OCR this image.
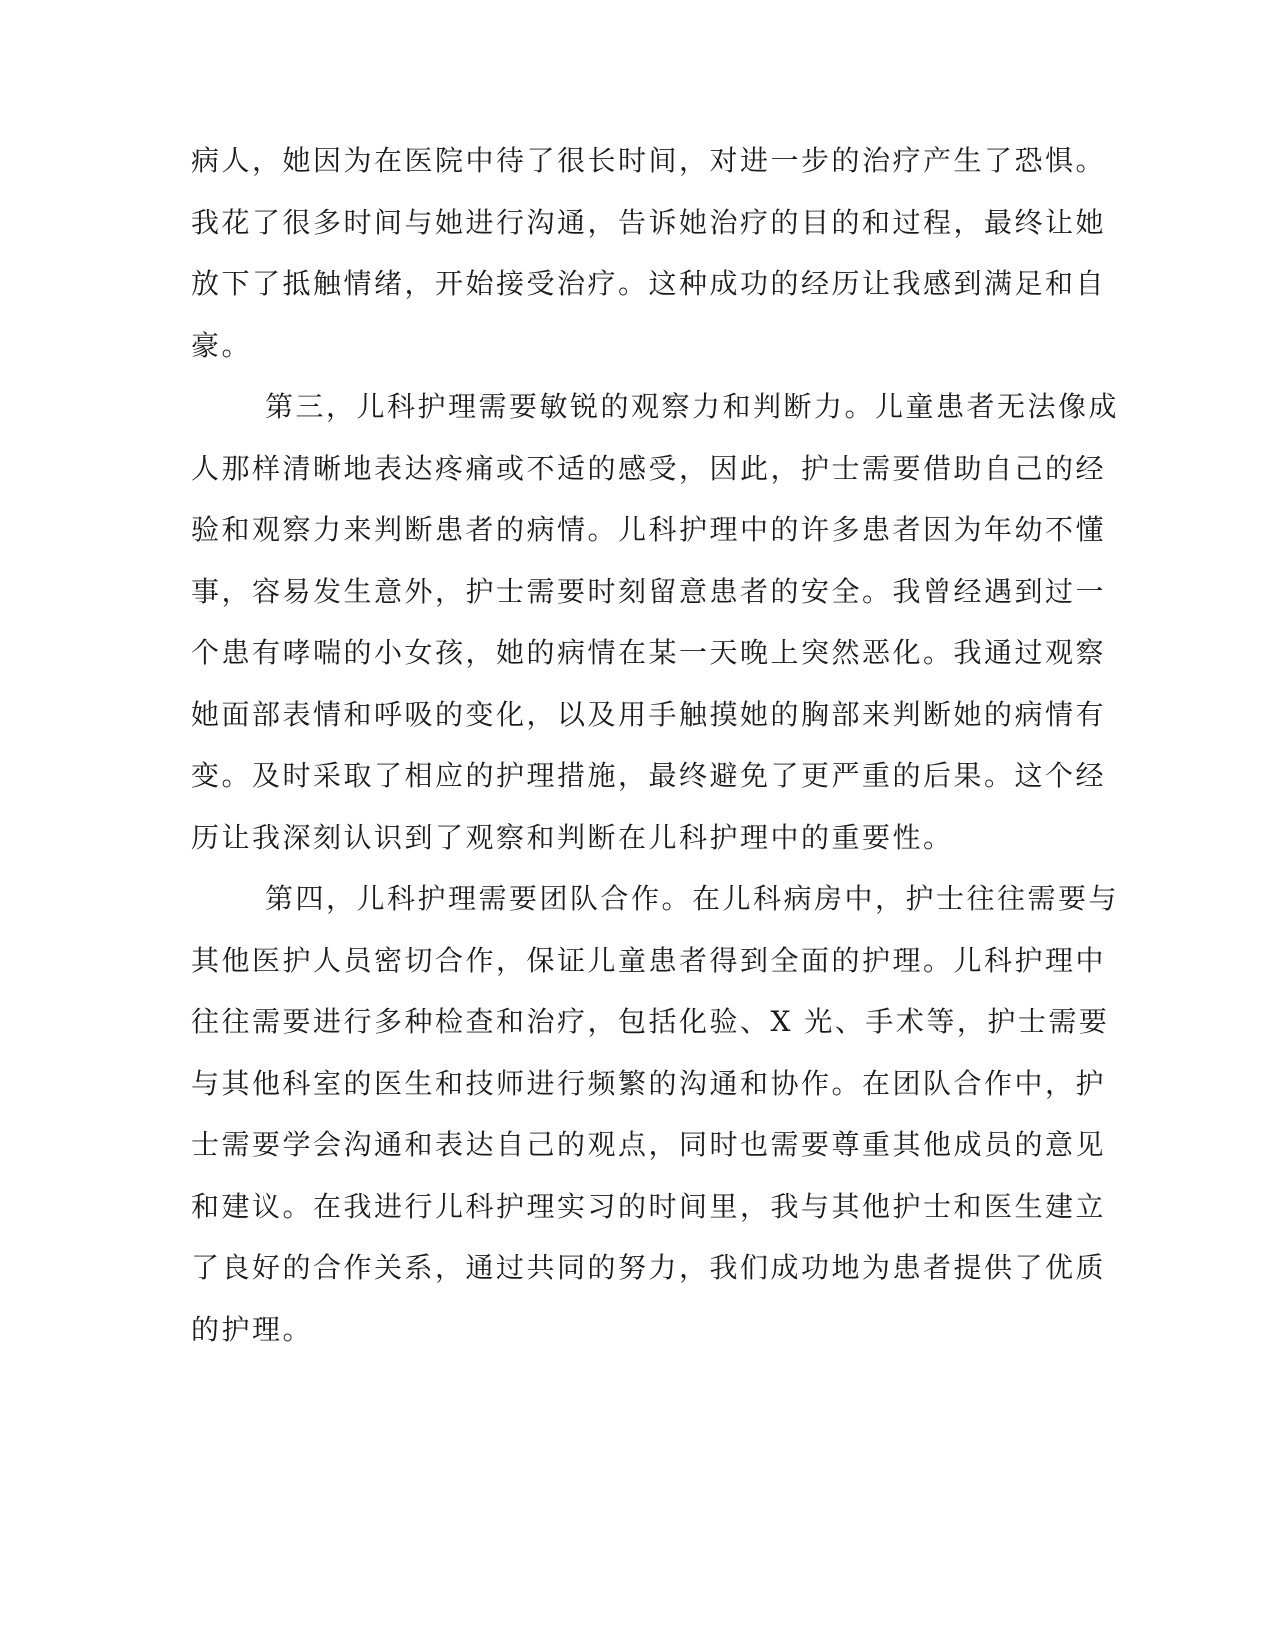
病人，她因为在医院中待了很长时间，对进一步的治疗产生了恐惧。
我花了很多时间与她进行沟通，告诉她治疗的目的和过程，最终让她
放下了抵触情绪，开始接受治疗。这种成功的经历让我感到满足和自
豪。

第三，儿科护理需要敏锐的观察力和判断力。儿童患者无法像成
人那样清晰地表达疼痛或不适的感受，因此，护士需要借助自己的经
验和观察力来判断患者的病情。儿科护理中的许多患者因为年幼不懂
事，容易发生意外，护士需要时刻留意患者的安全。我曾经遇到过一
个患有哮喘的小女孩，她的病情在某一天晚上突然恶化。我通过观察
她面部表情和呼吸的变化，以及用手触摸她的胸部来判断她的病情有
变。及时采取了相应的护理措施，最终避免了更严重的后果。这个经
历让我深刻认识到了观察和判断在儿科护理中的重要性。

第四，儿科护理需要团队合作。在儿科病房中，护士往往需要与
其他医护人员密切合作，保证儿童患者得到全面的护理。儿科护理中
往往需要进行多种检查和治疗，包括化验、X 光、手术等，护士需要
与其他科室的医生和技师进行频繁的沟通和协作。在团队合作中，护
士需要学会沟通和表达自己的观点，同时也需要尊重其他成员的意见
和建议。在我进行儿科护理实习的时间里，我与其他护士和医生建立
了良好的合作关系，通过共同的努力，我们成功地为患者提供了优质
的护理。
